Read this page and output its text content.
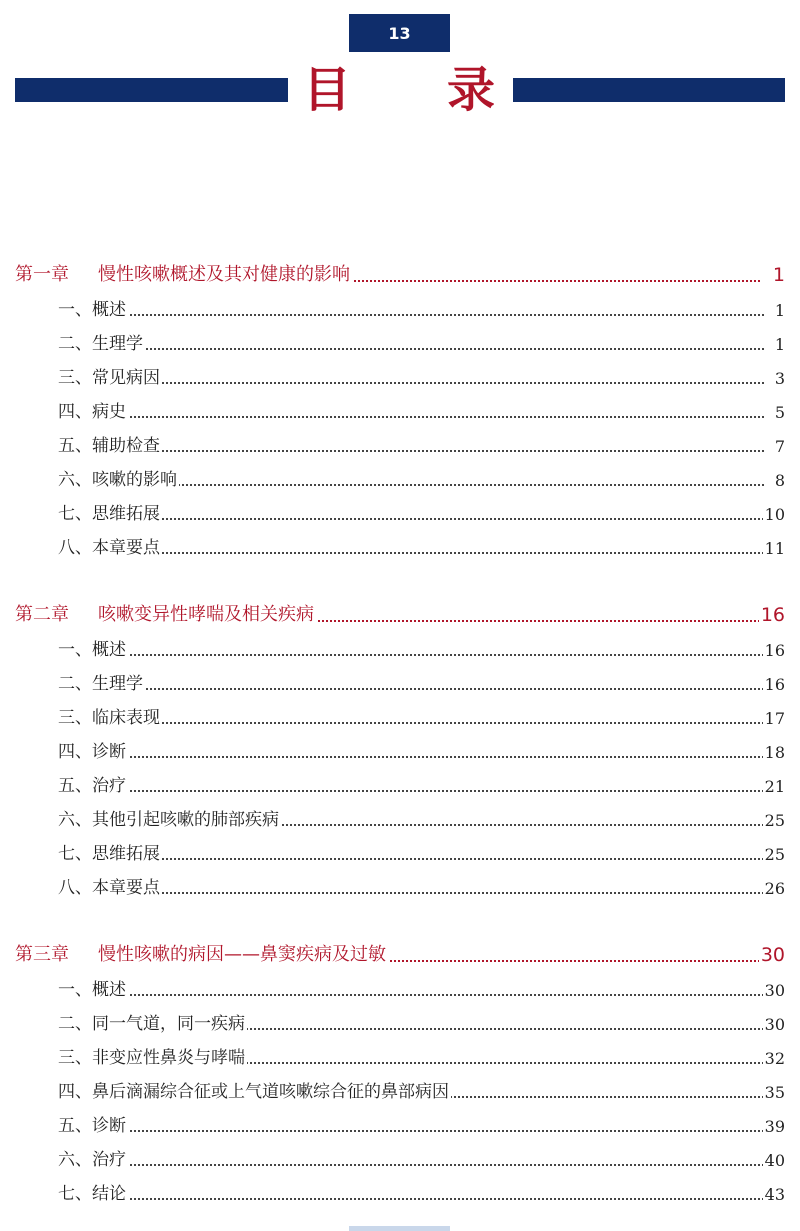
13
目 录
第一章 慢性咳嗽概述及其对健康的影响	1
一、概述	1
二、生理学	1
三、常见病因	3
四、病史	5
五、辅助检查	7
六、咳嗽的影响	8
七、思维拓展	10
八、本章要点	11
第二章 咳嗽变异性哮喘及相关疾病	16
一、概述	16
二、生理学	16
三、临床表现	17
四、诊断	18
五、治疗	21
六、其他引起咳嗽的肺部疾病	25
七、思维拓展	25
八、本章要点	26
第三章 慢性咳嗽的病因——鼻窦疾病及过敏	30
一、概述	30
二、同一气道，同一疾病	30
三、非变应性鼻炎与哮喘	32
四、鼻后滴漏综合征或上气道咳嗽综合征的鼻部病因	35
五、诊断	39
六、治疗	40
七、结论	43
